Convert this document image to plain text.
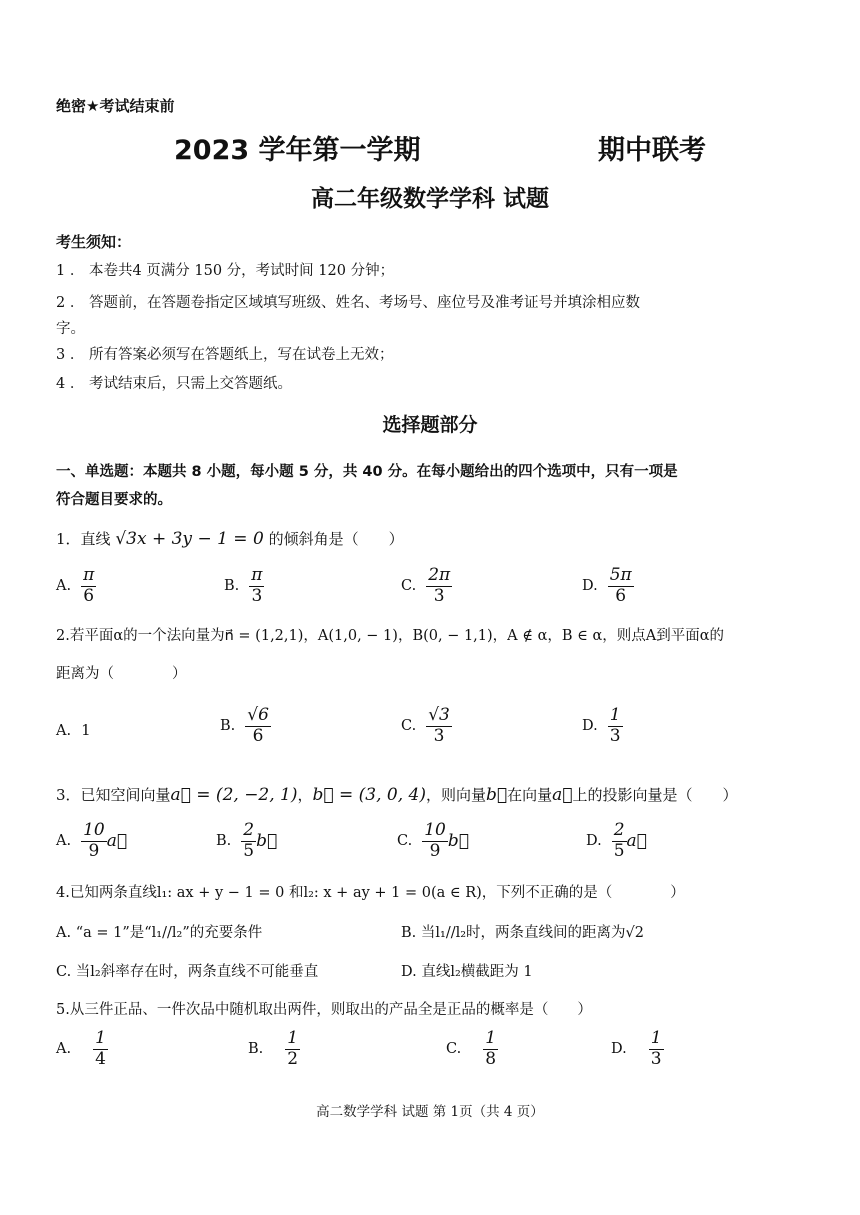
绝密★考试结束前
2023 学年第一学期	期中联考
高二年级数学学科 试题
考生须知：
1 ． 本卷共4 页满分 150 分，考试时间 120 分钟；
2 ． 答题前，在答题卷指定区域填写班级、姓名、考场号、座位号及准考证号并填涂相应数
字。
3 ． 所有答案必须写在答题纸上，写在试卷上无效；
4 ． 考试结束后，只需上交答题纸。
选择题部分
一、单选题：本题共 8 小题，每小题 5 分，共 40 分。在每小题给出的四个选项中，只有一项是
符合题目要求的。
1．直线 √3x + 3y − 1 = 0 的倾斜角是（　　）
A. $\frac{\pi}{6}$	B. $\frac{\pi}{3}$	C. $\frac{2\pi}{3}$	D. $\frac{5\pi}{6}$
2.若平面α的一个法向量为n⃗ = (1,2,1)，A(1,0, − 1)，B(0, − 1,1)，A ∉ α，B ∈ α，则点A到平面α的
距离为（　　　　）
A. 1	B. $\frac{√6}{6}$	C. $\frac{√3}{3}$	D. $\frac{1}{3}$
3．已知空间向量a⃗ = (2, −2, 1)，b⃗ = (3, 0, 4)，则向量b⃗在向量a⃗上的投影向量是（　　）
A. $\frac{10}{9}$ a⃗	B. $\frac{2}{5}$ b⃗	C. $\frac{10}{9}$ b⃗	D. $\frac{2}{5}$ a⃗
4.已知两条直线l₁: ax + y − 1 = 0 和l₂: x + ay + 1 = 0(a ∈ R)，下列不正确的是（　　　　）
A. “a = 1”是“l₁//l₂”的充要条件	B. 当l₁//l₂时，两条直线间的距离为√2
C. 当l₂斜率存在时，两条直线不可能垂直	D. 直线l₂横截距为 1
5.从三件正品、一件次品中随机取出两件，则取出的产品全是正品的概率是（　　）
A. $\frac{1}{4}$	B. $\frac{1}{2}$	C. $\frac{1}{8}$	D. $\frac{1}{3}$
高二数学学科 试题 第 1页（共 4 页）
